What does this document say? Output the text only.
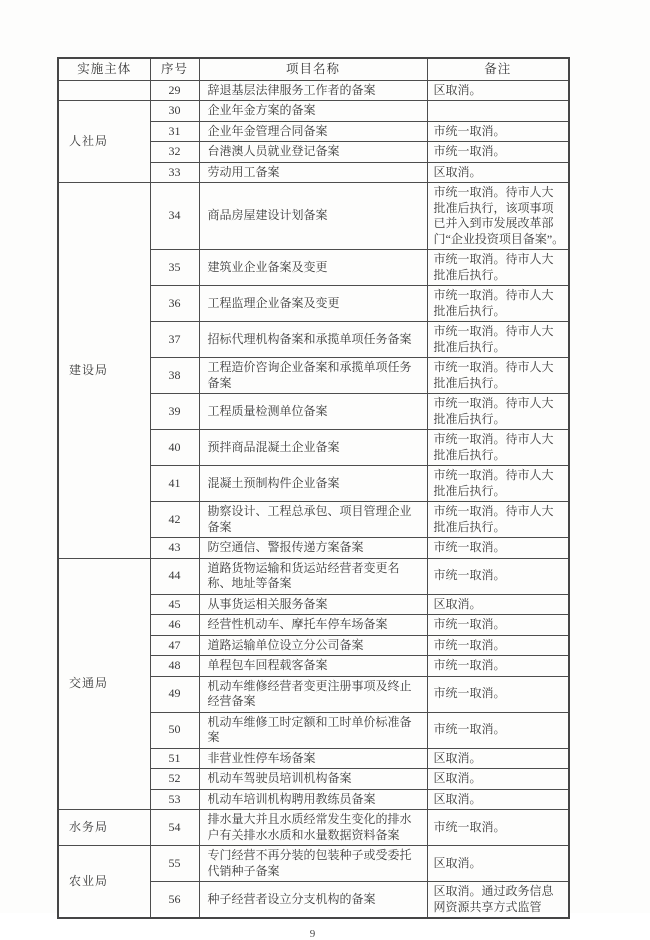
实施主体	序号	项目名称	备注
	29	辞退基层法律服务工作者的备案	区取消。
人社局	30	企业年金方案的备案	
	31	企业年金管理合同备案	市统一取消。
	32	台港澳人员就业登记备案	市统一取消。
	33	劳动用工备案	区取消。
建设局	34	商品房屋建设计划备案	市统一取消。待市人大批准后执行，该项事项已并入到市发展改革部门“企业投资项目备案”。
	35	建筑业企业备案及变更	市统一取消。待市人大批准后执行。
	36	工程监理企业备案及变更	市统一取消。待市人大批准后执行。
	37	招标代理机构备案和承揽单项任务备案	市统一取消。待市人大批准后执行。
	38	工程造价咨询企业备案和承揽单项任务备案	市统一取消。待市人大批准后执行。
	39	工程质量检测单位备案	市统一取消。待市人大批准后执行。
	40	预拌商品混凝土企业备案	市统一取消。待市人大批准后执行。
	41	混凝土预制构件企业备案	市统一取消。待市人大批准后执行。
	42	勘察设计、工程总承包、项目管理企业备案	市统一取消。待市人大批准后执行。
	43	防空通信、警报传递方案备案	市统一取消。
交通局	44	道路货物运输和货运站经营者变更名称、地址等备案	市统一取消。
	45	从事货运相关服务备案	区取消。
	46	经营性机动车、摩托车停车场备案	市统一取消。
	47	道路运输单位设立分公司备案	市统一取消。
	48	单程包车回程载客备案	市统一取消。
	49	机动车维修经营者变更注册事项及终止经营备案	市统一取消。
	50	机动车维修工时定额和工时单价标准备案	市统一取消。
	51	非营业性停车场备案	区取消。
	52	机动车驾驶员培训机构备案	区取消。
	53	机动车培训机构聘用教练员备案	区取消。
水务局	54	排水量大并且水质经常发生变化的排水户有关排水水质和水量数据资料备案	市统一取消。
农业局	55	专门经营不再分装的包装种子或受委托代销种子备案	区取消。
	56	种子经营者设立分支机构的备案	区取消。通过政务信息网资源共享方式监管
9
